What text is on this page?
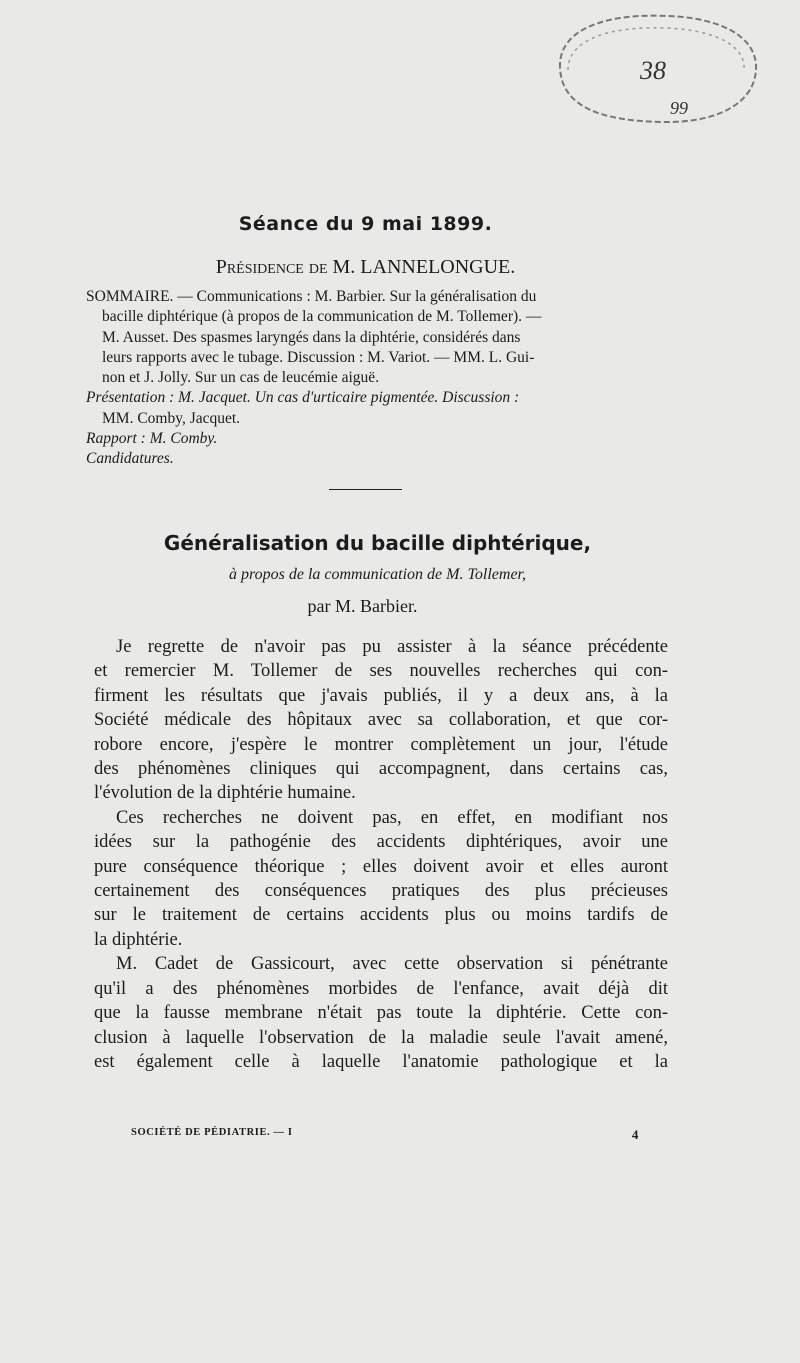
38
99
Séance du 9 mai 1899.
Présidence de M. LANNELONGUE.
SOMMAIRE. — Communications : M. Barbier. Sur la généralisation du
bacille diphtérique (à propos de la communication de M. Tollemer). —
M. Ausset. Des spasmes laryngés dans la diphtérie, considérés dans
leurs rapports avec le tubage. Discussion : M. Variot. — MM. L. Gui-
non et J. Jolly. Sur un cas de leucémie aiguë.
Présentation : M. Jacquet. Un cas d'urticaire pigmentée. Discussion :
MM. Comby, Jacquet.
Rapport : M. Comby.
Candidatures.
Généralisation du bacille diphtérique,
à propos de la communication de M. Tollemer,
par M. Barbier.
Je regrette de n'avoir pas pu assister à la séance précédente
et remercier M. Tollemer de ses nouvelles recherches qui con-
firment les résultats que j'avais publiés, il y a deux ans, à la
Société médicale des hôpitaux avec sa collaboration, et que cor-
robore encore, j'espère le montrer complètement un jour, l'étude
des phénomènes cliniques qui accompagnent, dans certains cas,
l'évolution de la diphtérie humaine.
Ces recherches ne doivent pas, en effet, en modifiant nos
idées sur la pathogénie des accidents diphtériques, avoir une
pure conséquence théorique ; elles doivent avoir et elles auront
certainement des conséquences pratiques des plus précieuses
sur le traitement de certains accidents plus ou moins tardifs de
la diphtérie.
M. Cadet de Gassicourt, avec cette observation si pénétrante
qu'il a des phénomènes morbides de l'enfance, avait déjà dit
que la fausse membrane n'était pas toute la diphtérie. Cette con-
clusion à laquelle l'observation de la maladie seule l'avait amené,
est également celle à laquelle l'anatomie pathologique et la
SOCIÉTÉ DE PÉDIATRIE. — I	4
